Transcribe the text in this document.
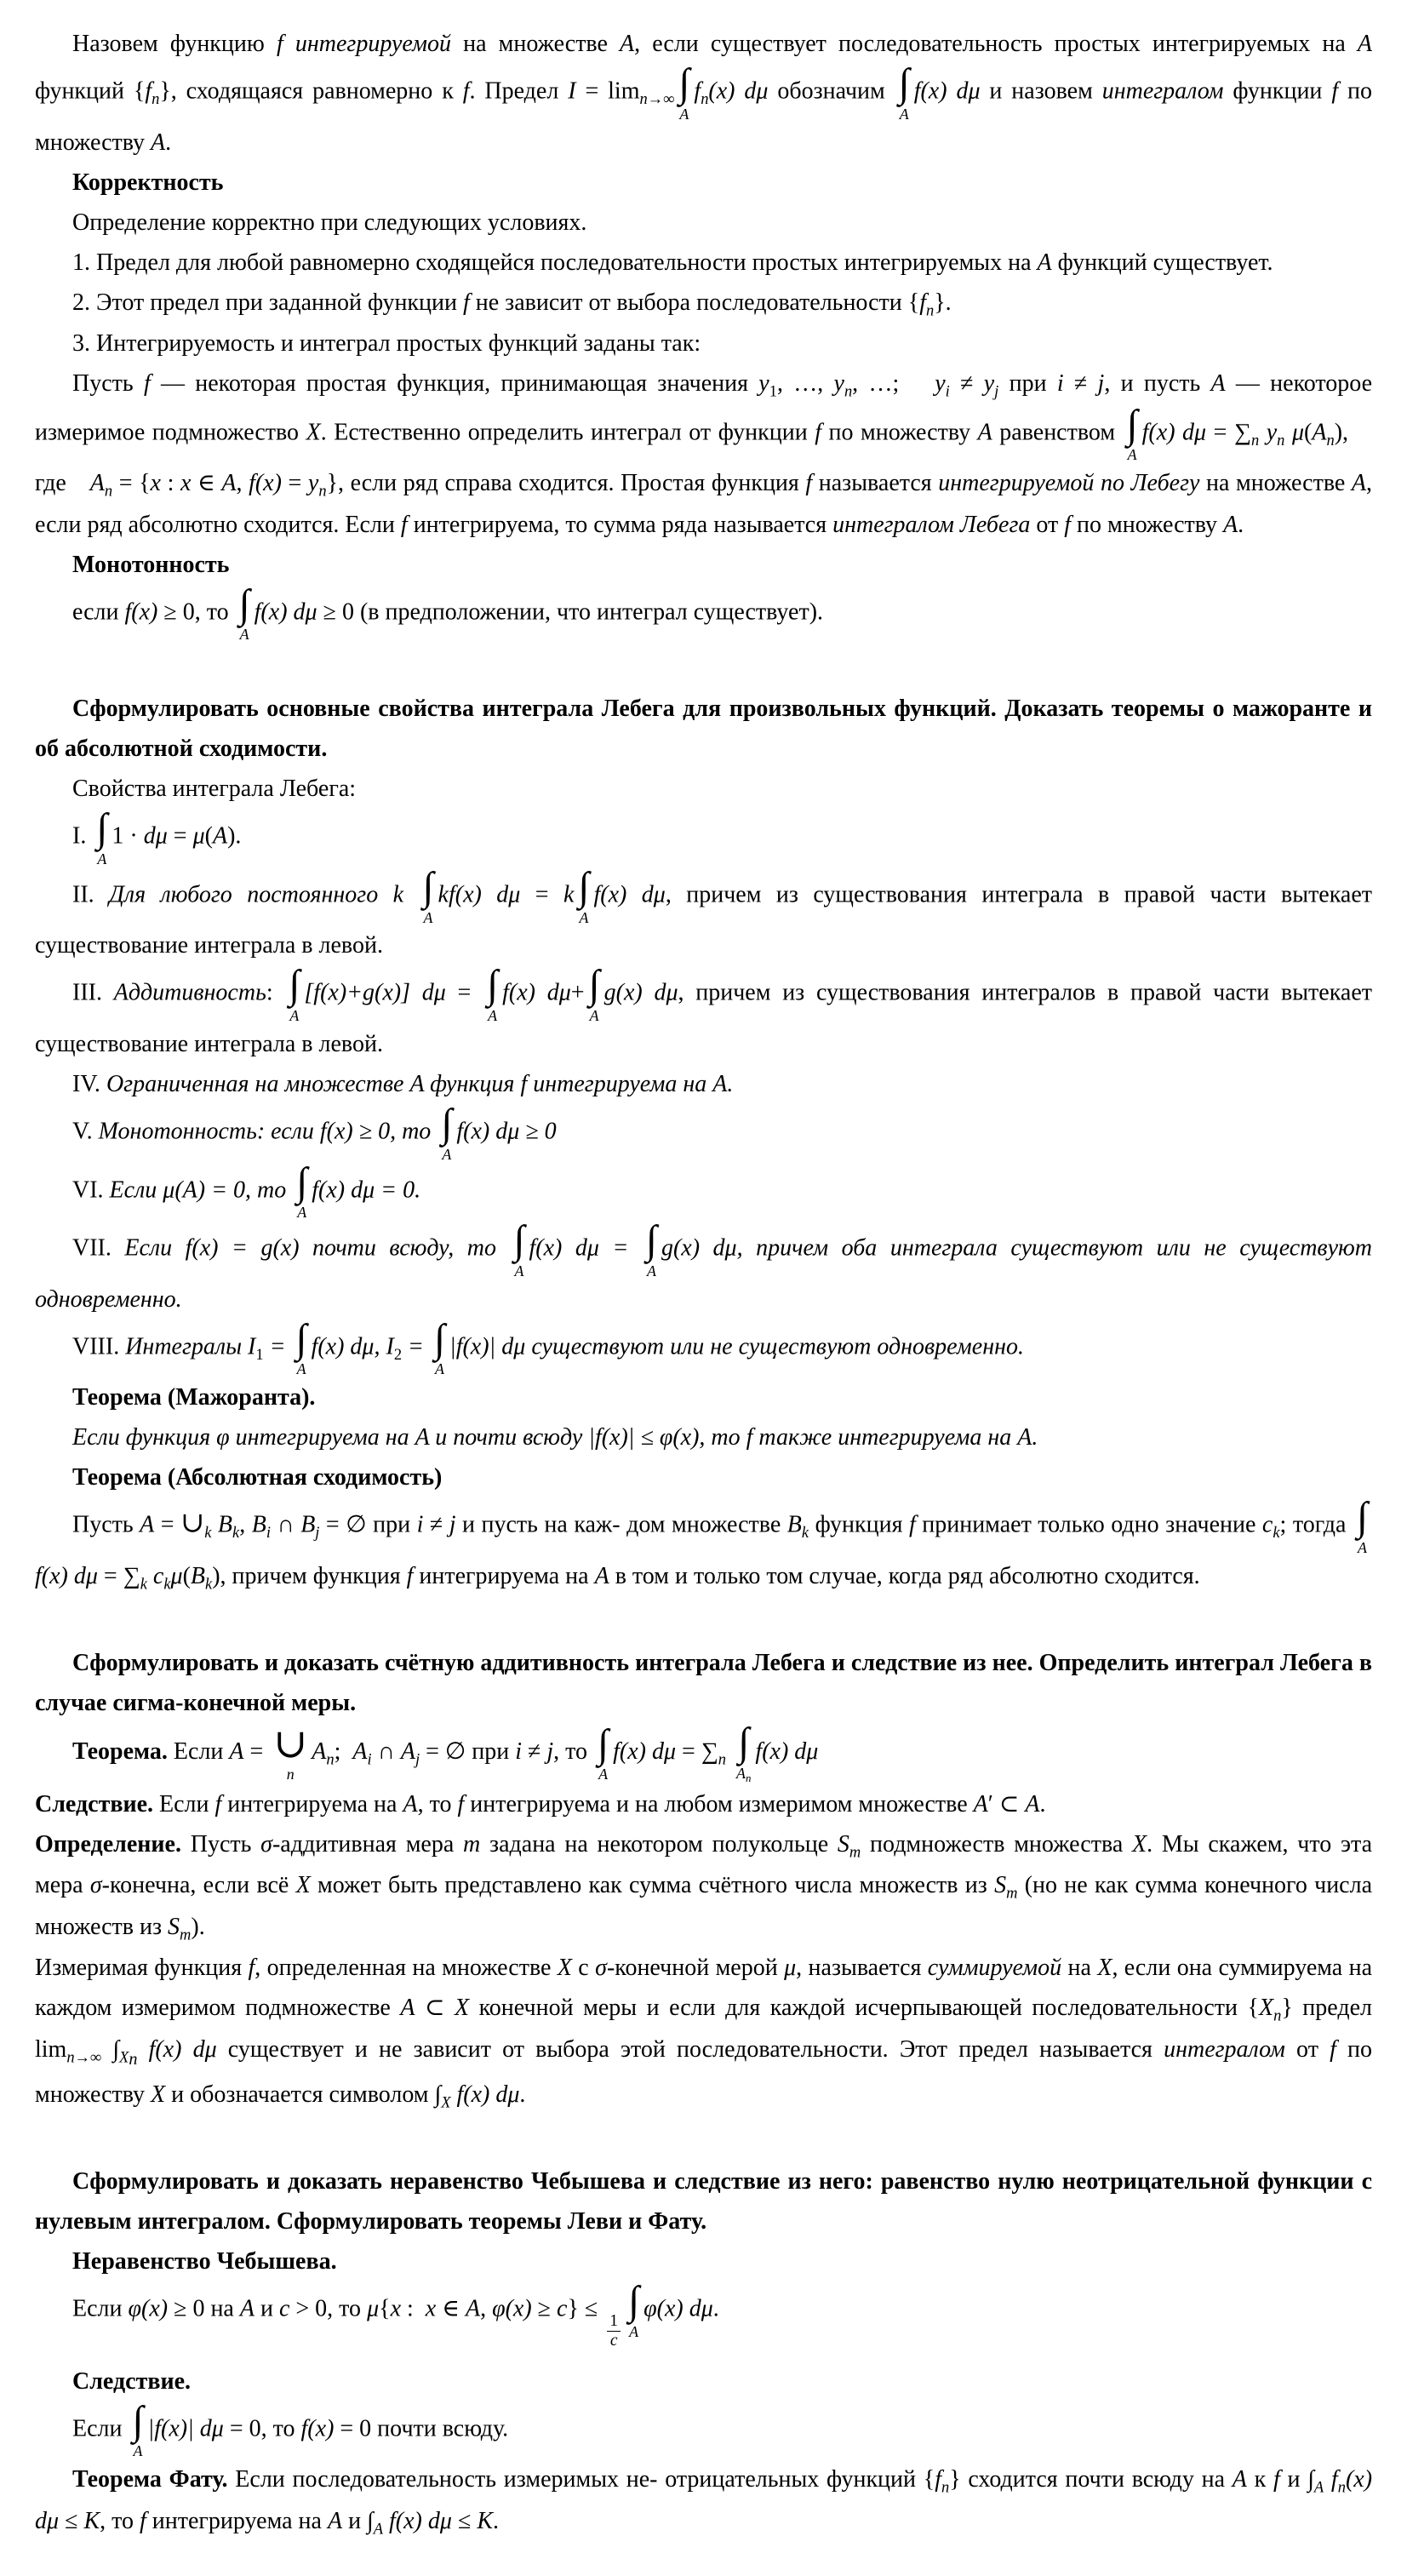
Назовем функцию f интегрируемой на множестве A, если существует последовательность простых интегрируемых на A функций $\{f_n\}$, сходящаяся равномерно к f. Предел $I = \lim_{n\to\infty}$ ∫
A
$f_n(x)$ dμ обозначим ∫
A
f(x) dμ и назовем интегралом функции f по множеству A.

Корректность

Определение корректно при следующих условиях.

1. Предел для любой равномерно сходящейся последовательности простых интегрируемых на A функций существует.

2. Этот предел при заданной функции f не зависит от выбора последовательности $\{f_n\}$.

3. Интегрируемость и интеграл простых функций заданы так:

Пусть f — некоторая простая функция, принимающая значения $y_1$, …, $y_n$, …;  $y_i \ne y_j$ при i ≠ j, и пусть A — некоторое измеримое подмножество X. Естественно определить интеграл от функции f по множеству A равенством ∫
A
f(x) $d\mu = \sum_n$ $y_n$ $\mu(A_n)$,  где  $A_n = \{x$ : x ∈ A, $f(x) = y_n$}, если ряд справа сходится. Простая функция f называется интегрируемой по Лебегу на множестве A, если ряд абсолютно сходится. Если f интегрируема, то сумма ряда называется интегралом Лебега от f по множеству A.

Монотонность

если f(x) ≥ 0, то ∫
A
f(x) dμ ≥ 0 (в предположении, что интеграл существует).

Сформулировать основные свойства интеграла Лебега для произвольных функций. Доказать теоремы о мажоранте и об абсолютной сходимости.

Свойства интеграла Лебега:

I. ∫
A
1 · dμ = μ(A).

II. Для любого постоянного k ∫
A
kf(x) dμ = k ∫
A
f(x) dμ, причем из существования интеграла в правой части вытекает существование интеграла в левой.

III. Аддитивность: ∫
A
[f(x)+g(x)] dμ = ∫
A
f(x) dμ+ ∫
A
g(x) dμ, причем из существования интегралов в правой части вытекает существование интеграла в левой.

IV. Ограниченная на множестве A функция f интегрируема на A.

V. Монотонность: если f(x) ≥ 0, то ∫
A
f(x) dμ ≥ 0

VI. Если μ(A) = 0, то ∫
A
f(x) dμ = 0.

VII. Если f(x) = g(x) почти всюду, то ∫
A
f(x) dμ = ∫
A
g(x) dμ, причем оба интеграла существуют или не существуют одновременно.

VIII. Интегралы $I_1$ = ∫
A
f(x) dμ, $I_2$ = ∫
A
|f(x)| dμ существуют или не существуют одновременно.

Теорема (Мажоранта).

Если функция φ интегрируема на A и почти всюду |f(x)| ≤ φ(x), то f также интегрируема на A.

Теорема (Абсолютная сходимость)

Пусть $A = \cup_k$ $B_k$, $B_i$ ∩ $B_j$ = ∅ при i ≠ j и пусть на каж- дом множестве $B_k$ функция f принимает только одно значение $c_k$; тогда ∫
A
f(x) $d\mu = \sum_k$ $c_k\mu(B_k)$, причем функция f интегрируема на A в том и только том случае, когда ряд абсолютно сходится.

Сформулировать и доказать счётную аддитивность интеграла Лебега и следствие из нее. Определить интеграл Лебега в случае сигма-конечной меры.

Теорема. Если A = ∪
n
$A_n$; $A_i$ ∩ $A_j$ = ∅ при i ≠ j, то ∫
A
f(x) $d\mu = \sum_n$ ∫
$A_n$
f(x) dμ

Следствие. Если f интегрируема на A, то f интегрируема и на любом измеримом множестве A′ ⊂ A.

Определение. Пусть σ-аддитивная мера m задана на некотором полукольце $S_m$ подмножеств множества X. Мы скажем, что эта мера σ-конечна, если всё X может быть представлено как сумма счётного числа множеств из $S_m$ (но не как сумма конечного числа множеств из $S_m$).

Измеримая функция f, определенная на множестве X с σ-конечной мерой μ, называется суммируемой на X, если она суммируема на каждом измеримом подмножестве A ⊂ X конечной меры и если для каждой исчерпывающей последовательности $\{X_n\}$ предел $\lim_{n\to\infty} \int_{Xn}$ f(x) dμ существует и не зависит от выбора этой последовательности. Этот предел называется интегралом от f по множеству X и обозначается символом $\int_X$ f(x) dμ.

Сформулировать и доказать неравенство Чебышева и следствие из него: равенство нулю неотрицательной функции с нулевым интегралом. Сформулировать теоремы Леви и Фату.

Неравенство Чебышева.

Если φ(x) ≥ 0 на A и c > 0, то μ{x : x ∈ A, φ(x) ≥ c} ≤
$\frac{1}{c}$
∫
A
φ(x) dμ.

Следствие.

Если ∫
A
|f(x)| dμ = 0, то f(x) = 0 почти всюду.

Теорема Фату. Если последовательность измеримых не- отрицательных функций $\{f_n\}$ сходится почти всюду на A к f и $\int_A$ $f_n(x) d\mu \le K$, то f интегрируема на A и $\int_A$ f(x) dμ ≤ K.
